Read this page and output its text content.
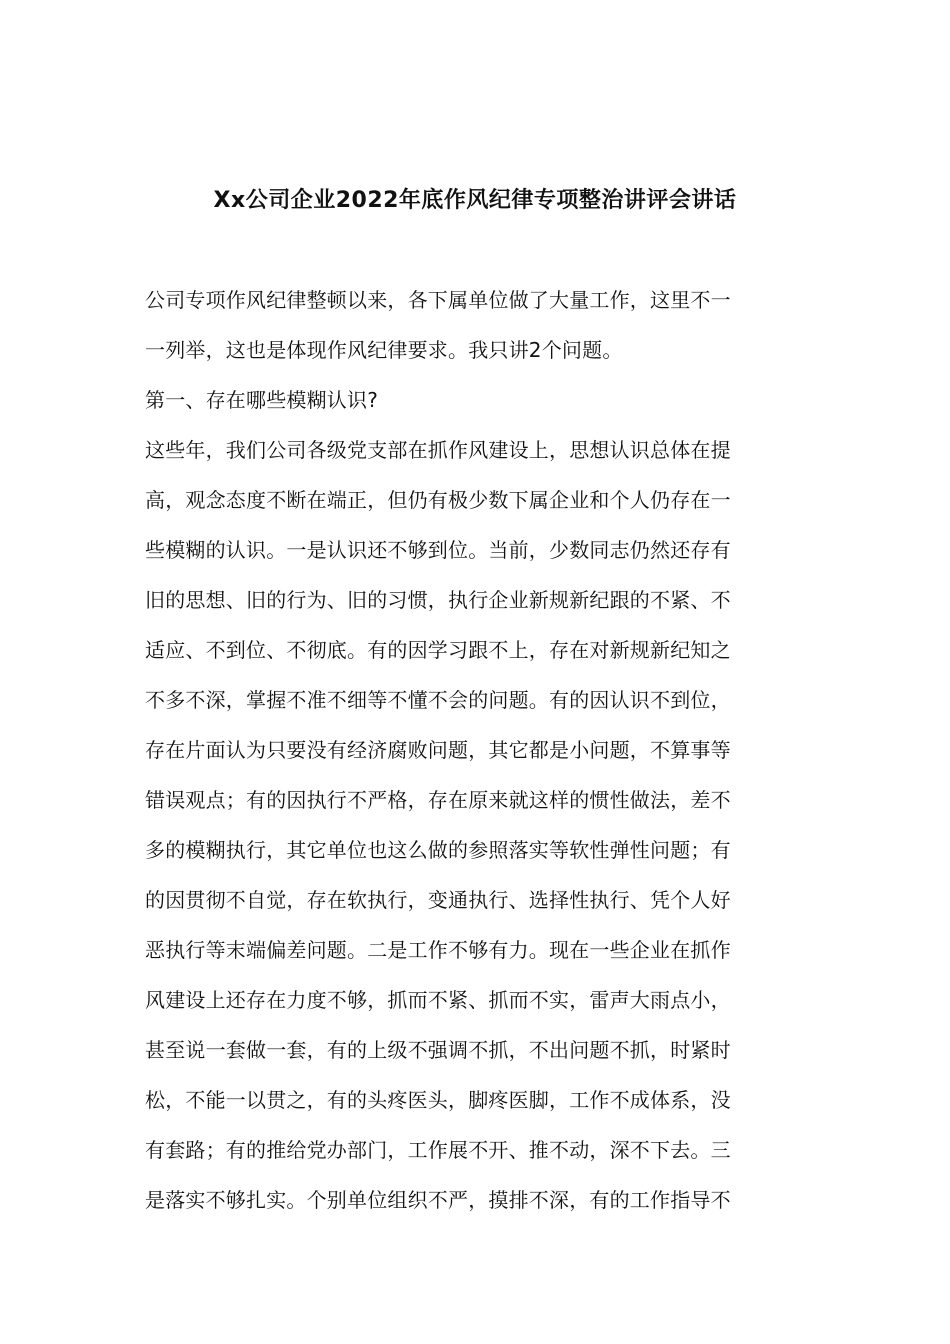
Xx公司企业2022年底作风纪律专项整治讲评会讲话
公司专项作风纪律整顿以来，各下属单位做了大量工作，这里不一
一列举，这也是体现作风纪律要求。我只讲2个问题。
第一、存在哪些模糊认识?
这些年，我们公司各级党支部在抓作风建设上，思想认识总体在提
高，观念态度不断在端正，但仍有极少数下属企业和个人仍存在一
些模糊的认识。一是认识还不够到位。当前，少数同志仍然还存有
旧的思想、旧的行为、旧的习惯，执行企业新规新纪跟的不紧、不
适应、不到位、不彻底。有的因学习跟不上，存在对新规新纪知之
不多不深，掌握不准不细等不懂不会的问题。有的因认识不到位，
存在片面认为只要没有经济腐败问题，其它都是小问题，不算事等
错误观点；有的因执行不严格，存在原来就这样的惯性做法，差不
多的模糊执行，其它单位也这么做的参照落实等软性弹性问题；有
的因贯彻不自觉，存在软执行，变通执行、选择性执行、凭个人好
恶执行等末端偏差问题。二是工作不够有力。现在一些企业在抓作
风建设上还存在力度不够，抓而不紧、抓而不实，雷声大雨点小，
甚至说一套做一套，有的上级不强调不抓，不出问题不抓，时紧时
松，不能一以贯之，有的头疼医头，脚疼医脚，工作不成体系，没
有套路；有的推给党办部门，工作展不开、推不动，深不下去。三
是落实不够扎实。个别单位组织不严，摸排不深，有的工作指导不
